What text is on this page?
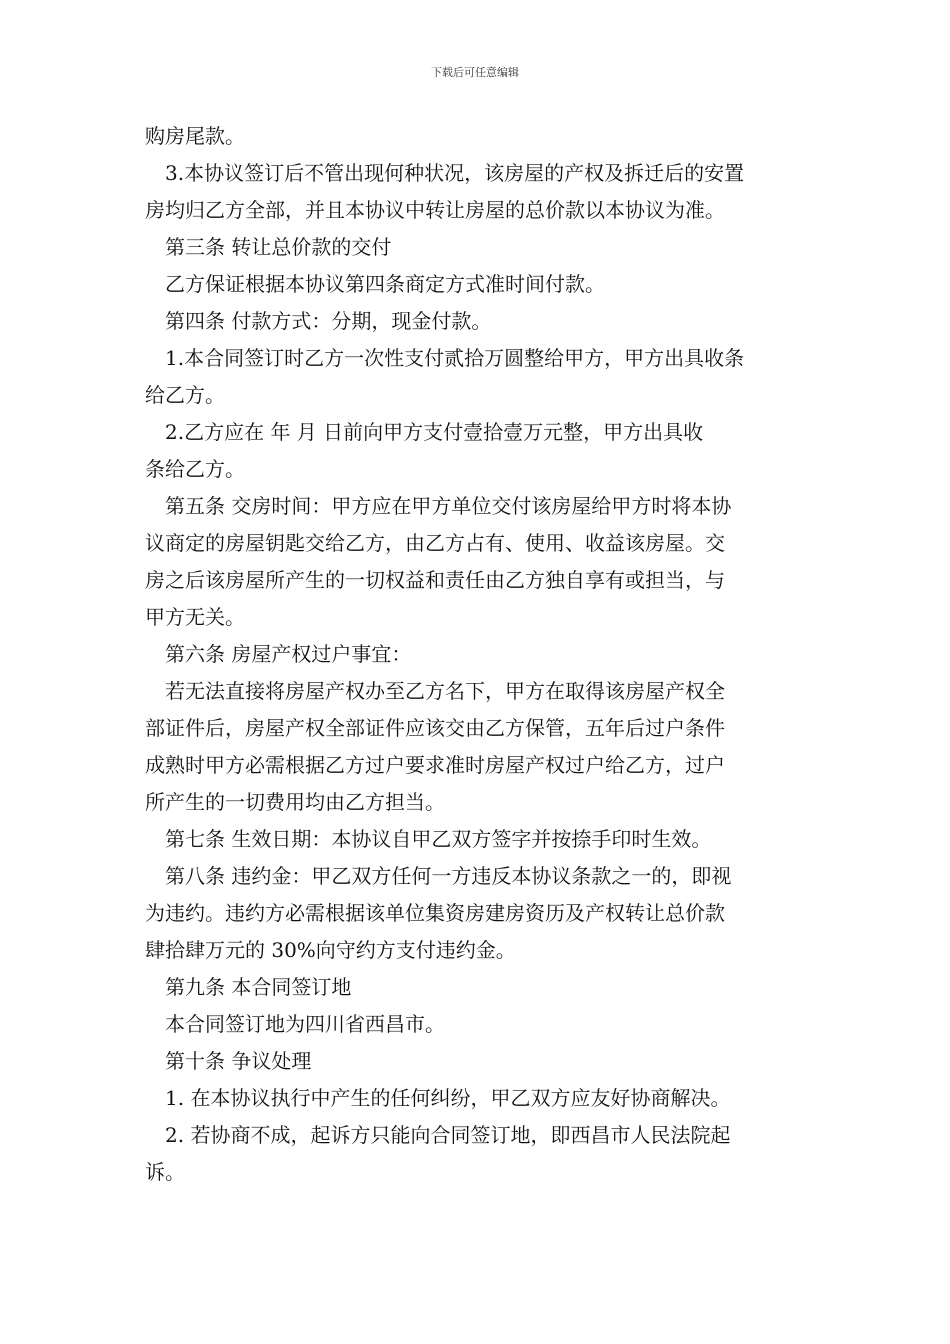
下载后可任意编辑
购房尾款。
3.本协议签订后不管出现何种状况，该房屋的产权及拆迁后的安置
房均归乙方全部，并且本协议中转让房屋的总价款以本协议为准。
第三条 转让总价款的交付
乙方保证根据本协议第四条商定方式准时间付款。
第四条 付款方式：分期，现金付款。
1.本合同签订时乙方一次性支付贰拾万圆整给甲方，甲方出具收条
给乙方。
2.乙方应在 年 月 日前向甲方支付壹拾壹万元整，甲方出具收
条给乙方。
第五条 交房时间：甲方应在甲方单位交付该房屋给甲方时将本协
议商定的房屋钥匙交给乙方，由乙方占有、使用、收益该房屋。交
房之后该房屋所产生的一切权益和责任由乙方独自享有或担当，与
甲方无关。
第六条 房屋产权过户事宜：
若无法直接将房屋产权办至乙方名下，甲方在取得该房屋产权全
部证件后，房屋产权全部证件应该交由乙方保管，五年后过户条件
成熟时甲方必需根据乙方过户要求准时房屋产权过户给乙方，过户
所产生的一切费用均由乙方担当。
第七条 生效日期：本协议自甲乙双方签字并按捺手印时生效。
第八条 违约金：甲乙双方任何一方违反本协议条款之一的，即视
为违约。违约方必需根据该单位集资房建房资历及产权转让总价款
肆拾肆万元的 30%向守约方支付违约金。
第九条 本合同签订地
本合同签订地为四川省西昌市。
第十条 争议处理
1. 在本协议执行中产生的任何纠纷，甲乙双方应友好协商解决。
2. 若协商不成，起诉方只能向合同签订地，即西昌市人民法院起
诉。
